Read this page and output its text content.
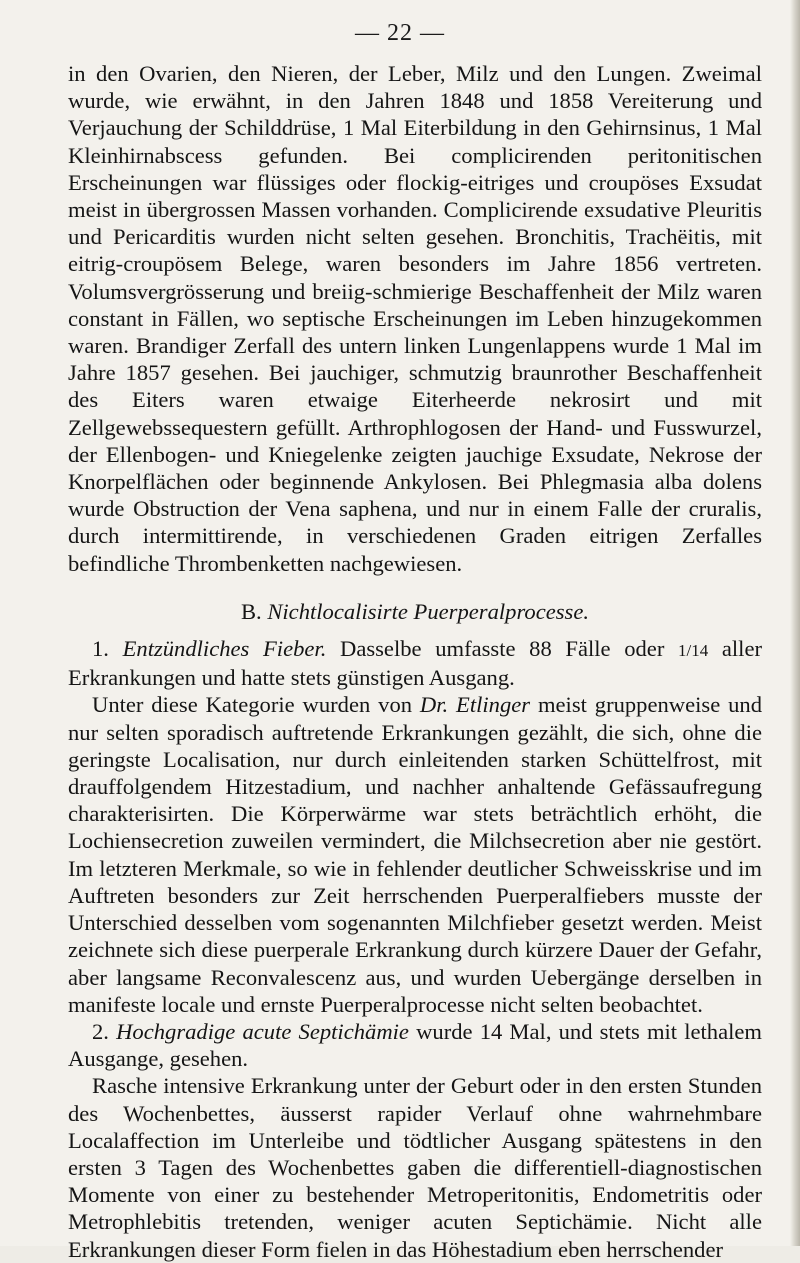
— 22 —

in den Ovarien, den Nieren, der Leber, Milz und den Lungen. Zweimal wurde, wie erwähnt, in den Jahren 1848 und 1858 Vereiterung und Verjauchung der Schilddrüse, 1 Mal Eiterbildung in den Gehirnsinus, 1 Mal Kleinhirnabscess gefunden. Bei complicirenden peritonitischen Erscheinungen war flüssiges oder flockig-eitriges und croupöses Exsudat meist in übergrossen Massen vorhanden. Complicirende exsudative Pleuritis und Pericarditis wurden nicht selten gesehen. Bronchitis, Trachëitis, mit eitrig-croupösem Belege, waren besonders im Jahre 1856 vertreten. Volumsvergrösserung und breiig-schmierige Beschaffenheit der Milz waren constant in Fällen, wo septische Erscheinungen im Leben hinzugekommen waren. Brandiger Zerfall des untern linken Lungenlappens wurde 1 Mal im Jahre 1857 gesehen. Bei jauchiger, schmutzig braunrother Beschaffenheit des Eiters waren etwaige Eiterheerde nekrosirt und mit Zellgewebssequestern gefüllt. Arthrophlogosen der Hand- und Fusswurzel, der Ellenbogen- und Kniegelenke zeigten jauchige Exsudate, Nekrose der Knorpelflächen oder beginnende Ankylosen. Bei Phlegmasia alba dolens wurde Obstruction der Vena saphena, und nur in einem Falle der cruralis, durch intermittirende, in verschiedenen Graden eitrigen Zerfalles befindliche Thrombenketten nachgewiesen.

B. Nichtlocalisirte Puerperalprocesse.

1. Entzündliches Fieber. Dasselbe umfasste 88 Fälle oder 1/14 aller Erkrankungen und hatte stets günstigen Ausgang.

Unter diese Kategorie wurden von Dr. Etlinger meist gruppenweise und nur selten sporadisch auftretende Erkrankungen gezählt, die sich, ohne die geringste Localisation, nur durch einleitenden starken Schüttelfrost, mit drauffolgendem Hitzestadium, und nachher anhaltende Gefässaufregung charakterisirten. Die Körperwärme war stets beträchtlich erhöht, die Lochiensecretion zuweilen vermindert, die Milchsecretion aber nie gestört. Im letzteren Merkmale, so wie in fehlender deutlicher Schweisskrise und im Auftreten besonders zur Zeit herrschenden Puerperalfiebers musste der Unterschied desselben vom sogenannten Milchfieber gesetzt werden. Meist zeichnete sich diese puerperale Erkrankung durch kürzere Dauer der Gefahr, aber langsame Reconvalescenz aus, und wurden Uebergänge derselben in manifeste locale und ernste Puerperalprocesse nicht selten beobachtet.

2. Hochgradige acute Septichämie wurde 14 Mal, und stets mit lethalem Ausgange, gesehen.

Rasche intensive Erkrankung unter der Geburt oder in den ersten Stunden des Wochenbettes, äusserst rapider Verlauf ohne wahrnehmbare Localaffection im Unterleibe und tödtlicher Ausgang spätestens in den ersten 3 Tagen des Wochenbettes gaben die differentiell-diagnostischen Momente von einer zu bestehender Metroperitonitis, Endometritis oder Metrophlebitis tretenden, weniger acuten Septichämie. Nicht alle Erkrankungen dieser Form fielen in das Höhestadium eben herrschender
